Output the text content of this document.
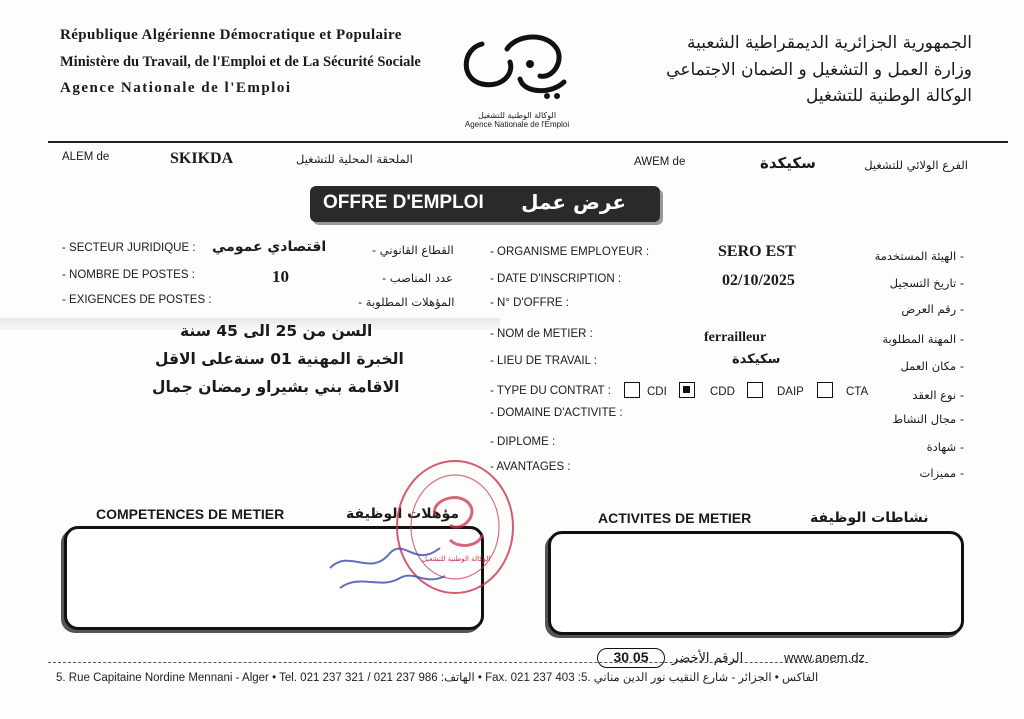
République Algérienne Démocratique et Populaire
Ministère du Travail, de l'Emploi et de La Sécurité Sociale
Agence Nationale de l'Emploi
الجمهورية الجزائرية الديمقراطية الشعبية
وزارة العمل و التشغيل و الضمان الاجتماعي
الوكالة الوطنية للتشغيل
الوكالة الوطنية للتشغيل
Agence Nationale de l'Emploi
ALEM de	SKIKDA	الملحقة المحلية للتشغيل	AWEM de	سكيكدة	الفرع الولائي للتشغيل
OFFRE D'EMPLOI عرض عمل
- SECTEUR JURIDIQUE : اقتصادي عمومي	القطاع القانوني -
- NOMBRE DE POSTES :	10	عدد المناصب -
- EXIGENCES DE POSTES :	المؤهلات المطلوبة -
السن من 25 الى 45 سنة
الخبرة المهنية 01 سنةعلى الاقل
الاقامة بني بشيراو رمضان جمال
- ORGANISME EMPLOYEUR :	SERO EST	- الهيئة المستخدمة
- DATE D'INSCRIPTION :	02/10/2025	- تاريخ التسجيل
- N° D'OFFRE :	- رقم العرض
- NOM de METIER :	ferrailleur	- المهنة المطلوبة
- LIEU DE TRAVAIL :	سكيكدة	- مكان العمل
- TYPE DU CONTRAT :	- نوع العقد
CDI	CDD	DAIP	CTA
- DOMAINE D'ACTIVITE :	- مجال النشاط
- DIPLOME :	- شهادة
- AVANTAGES :	- مميزات
COMPETENCES DE METIER	مؤهلات الوظيفة	ACTIVITES DE METIER	نشاطات الوظيفة
الوكالة الوطنية للتشغيل
الرقم الأخضر
30 05	www.anem.dz
5. Rue Capitaine Nordine Mennani - Alger • Tel. 021 237 321 / 021 237 986 :الهاتف • Fax. 021 237 403 :الفاكس • الجزائر - شارع النقيب نور الدين مناني .5
